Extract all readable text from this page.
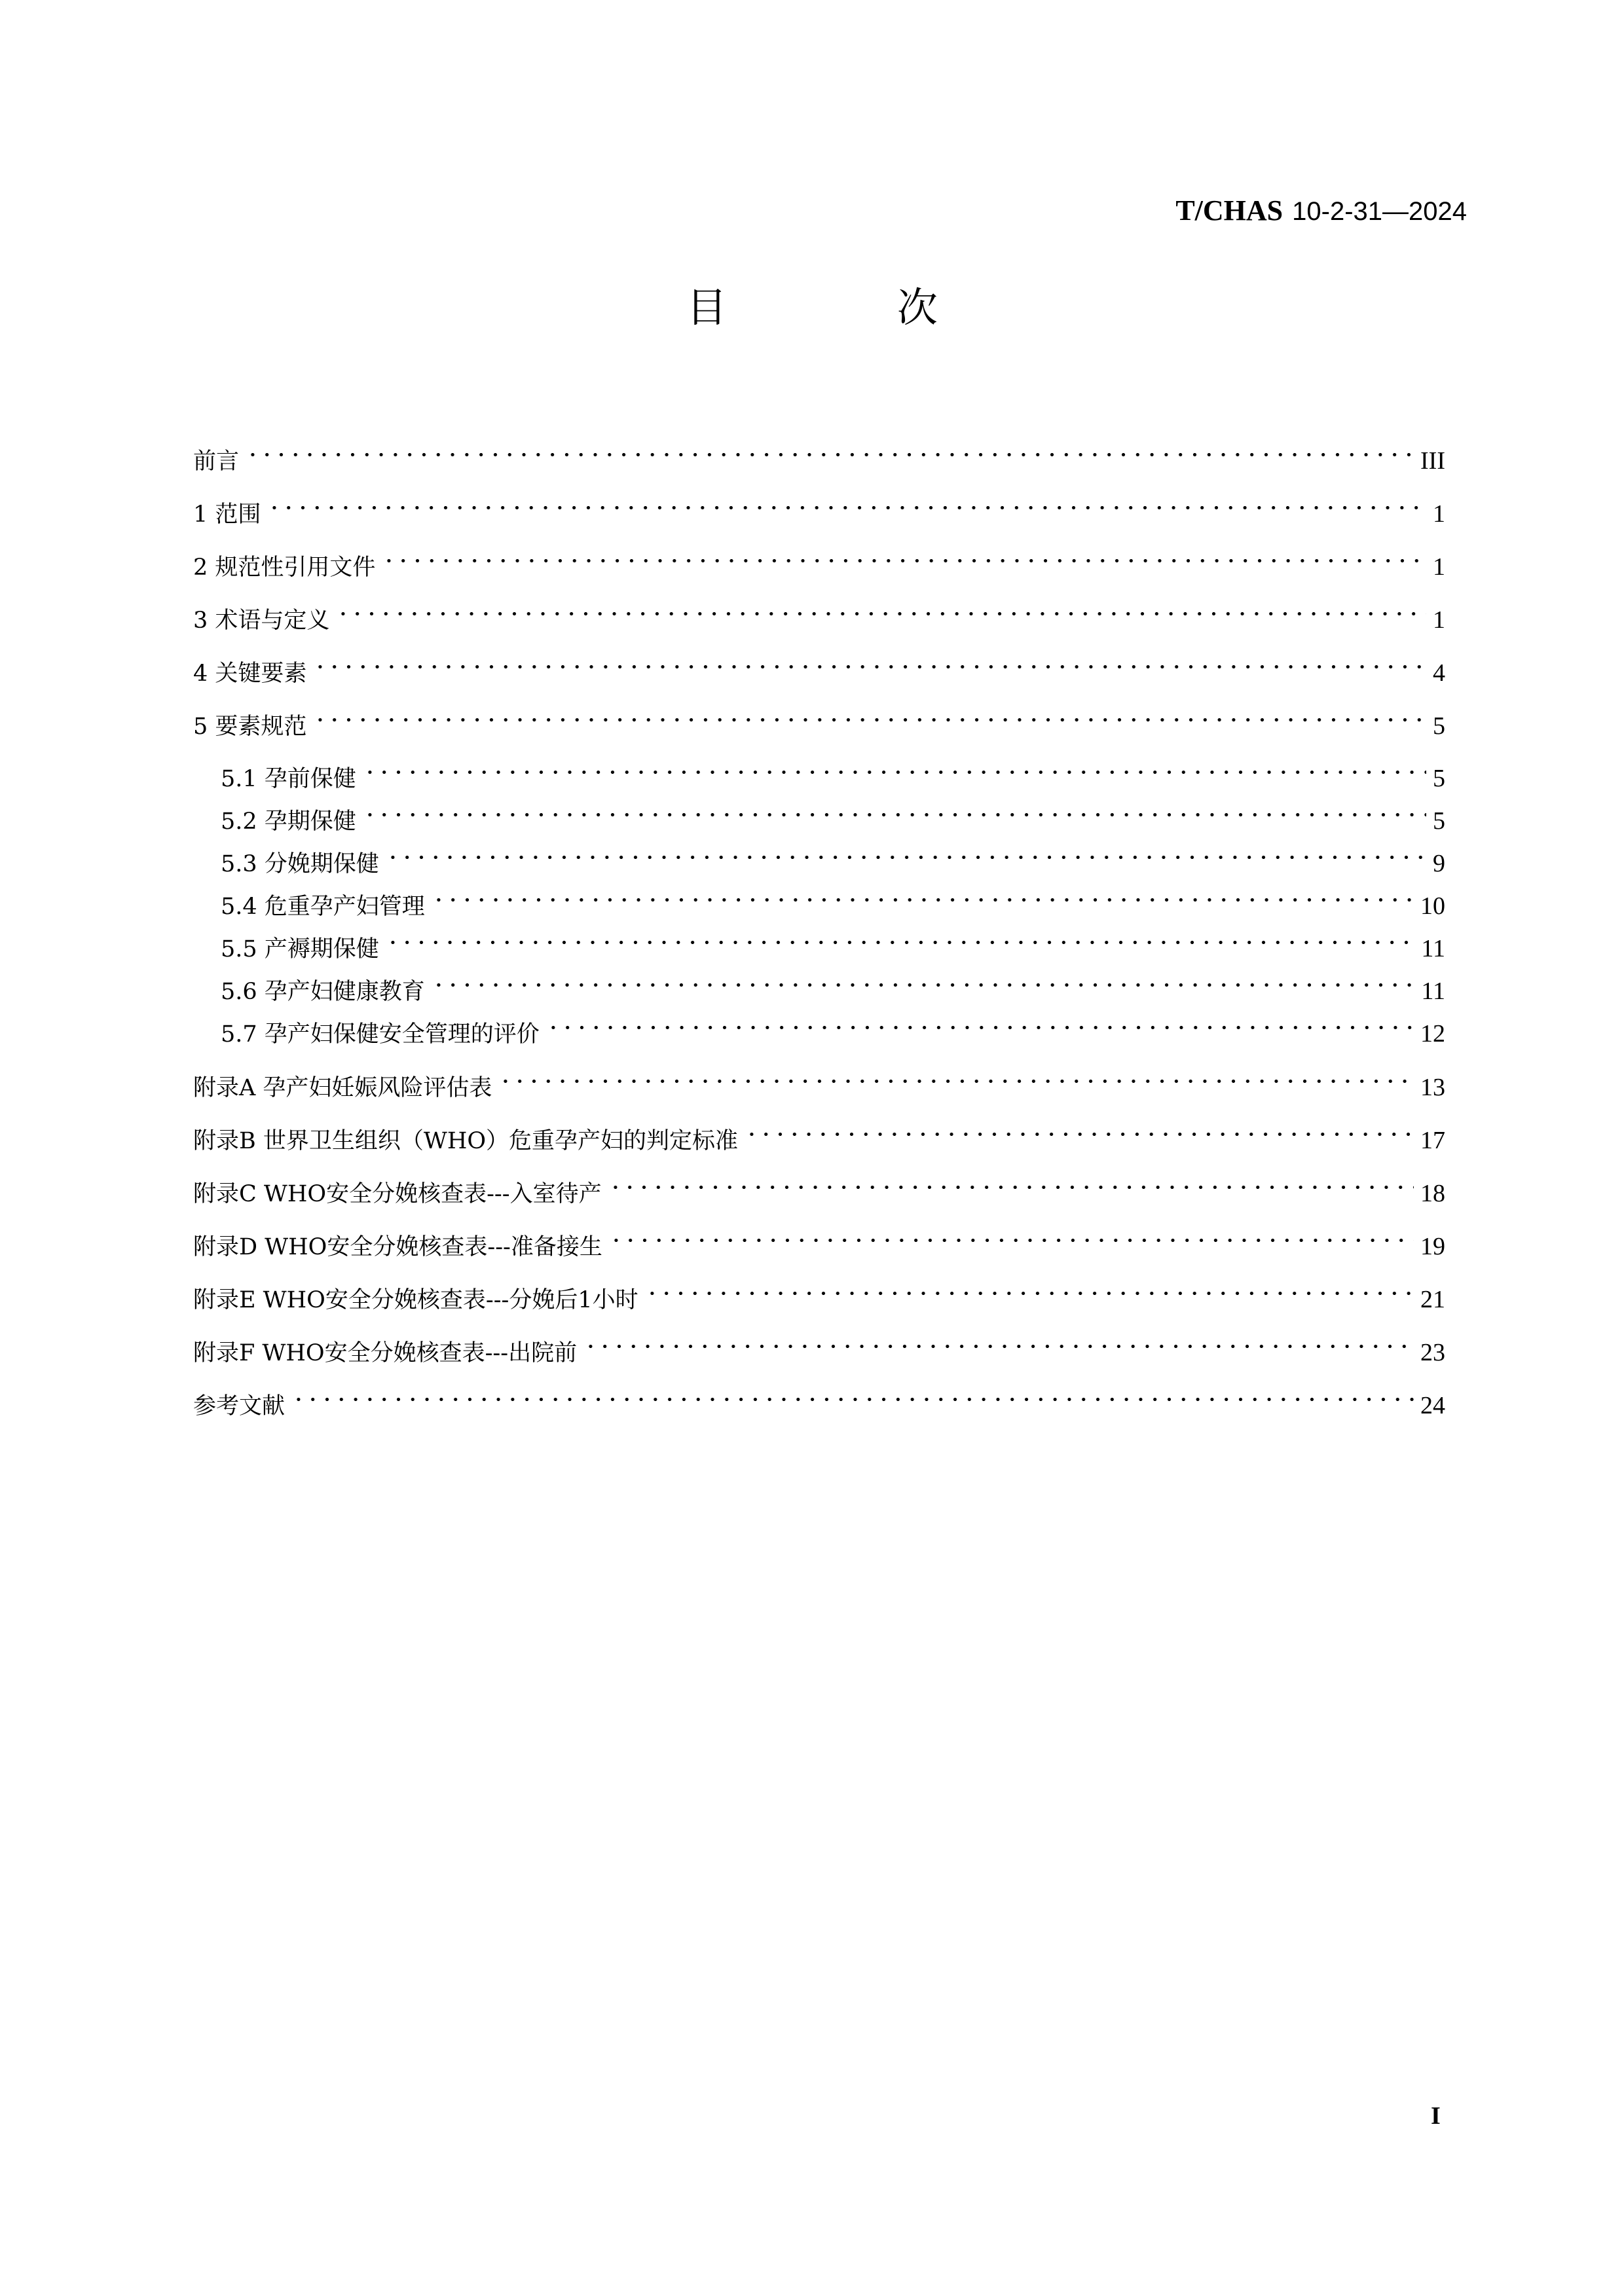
T/CHAS 10-2-31—2024
目 次
前言	III
1 范围	1
2 规范性引用文件	1
3 术语与定义	1
4 关键要素	4
5 要素规范	5
5.1 孕前保健	5
5.2 孕期保健	5
5.3 分娩期保健	9
5.4 危重孕产妇管理	10
5.5 产褥期保健	11
5.6 孕产妇健康教育	11
5.7 孕产妇保健安全管理的评价	12
附录A 孕产妇妊娠风险评估表	13
附录B 世界卫生组织（WHO）危重孕产妇的判定标准	17
附录C WHO安全分娩核查表---入室待产	18
附录D WHO安全分娩核查表---准备接生	19
附录E WHO安全分娩核查表---分娩后1小时	21
附录F WHO安全分娩核查表---出院前	23
参考文献	24
I
